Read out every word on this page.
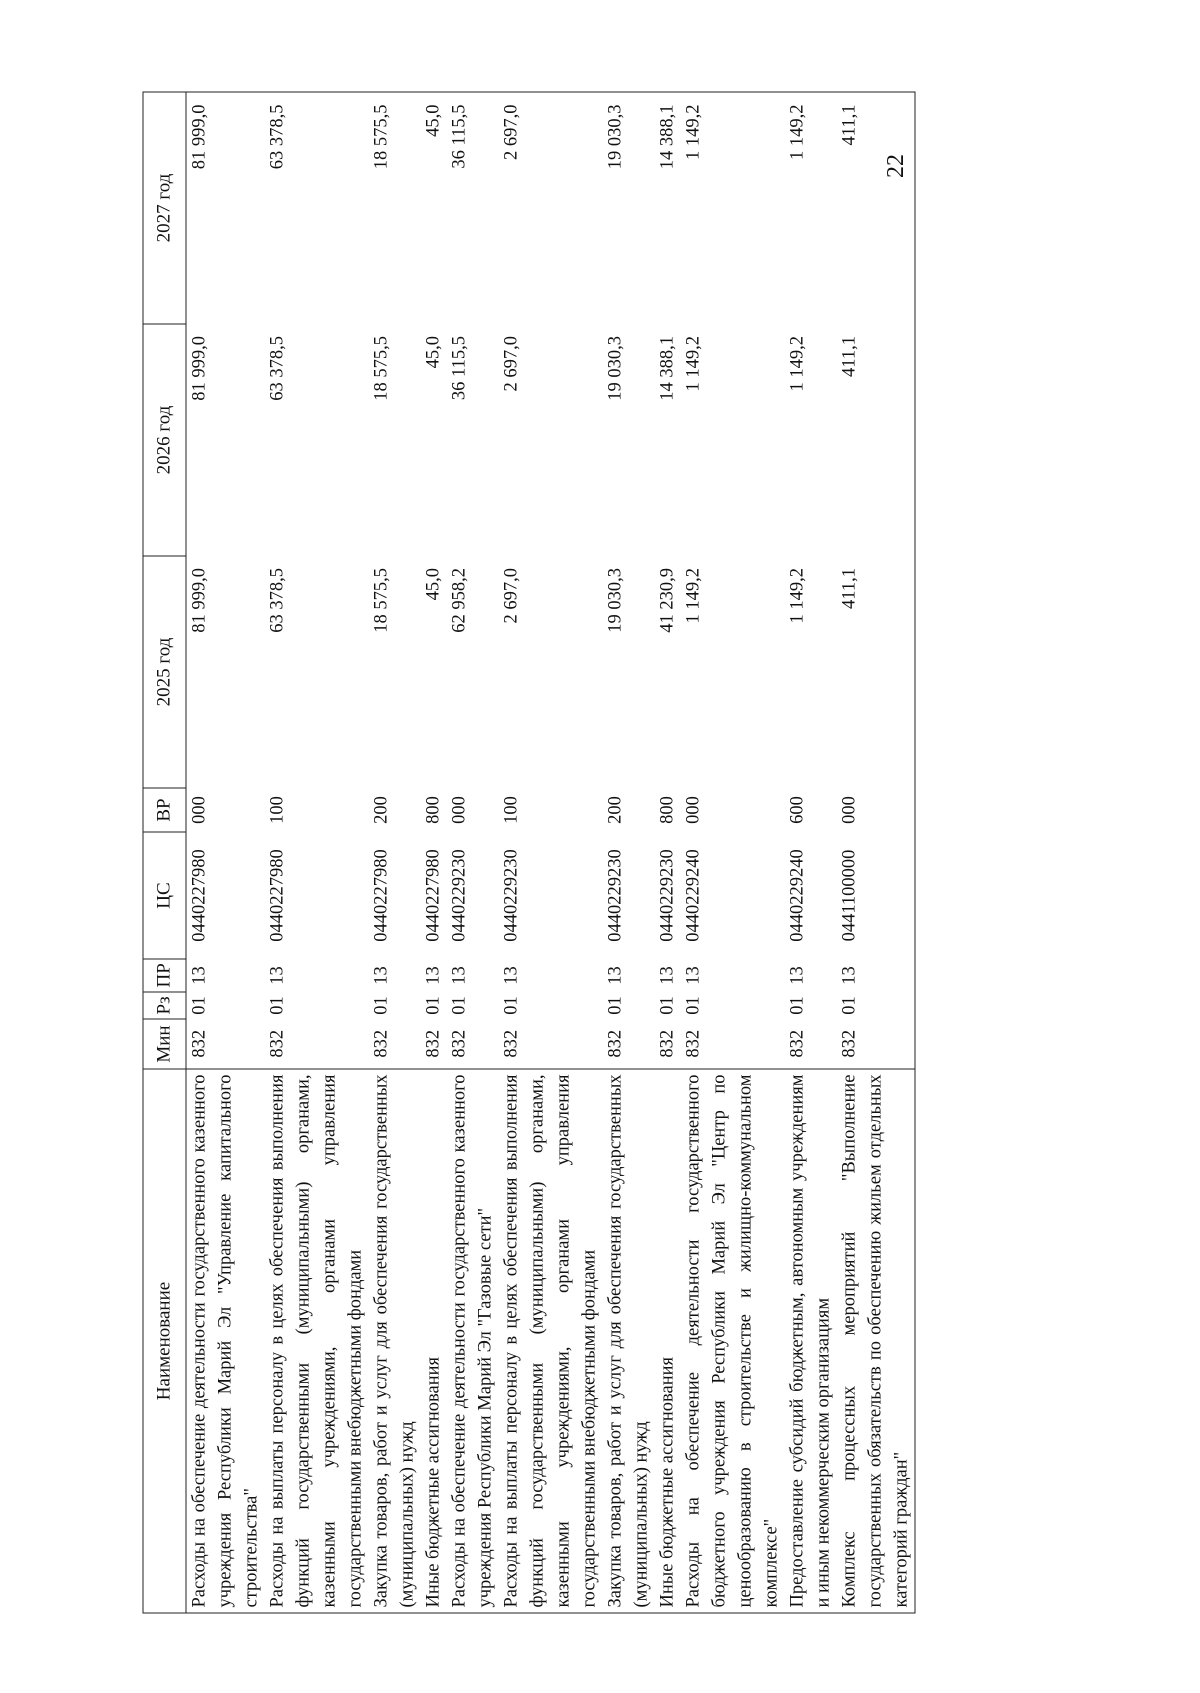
22
Наименование	Мин	Рз	ПР	ЦС	ВР	2025 год	2026 год	2027 год
Расходы на обеспечение деятельности государственного казенного учреждения Республики Марий Эл "Управление капитального строительства"	832	01	13	0440227980	000	81 999,0	81 999,0	81 999,0

Расходы на выплаты персоналу в целях обеспечения выполнения функций государственными (муниципальными) органами, казенными учреждениями, органами управления государственными внебюджетными фондами	832	01	13	0440227980	100	63 378,5	63 378,5	63 378,5

Закупка товаров, работ и услуг для обеспечения государственных (муниципальных) нужд	832	01	13	0440227980	200	18 575,5	18 575,5	18 575,5

Иные бюджетные ассигнования	832	01	13	0440227980	800	45,0	45,0	45,0

Расходы на обеспечение деятельности государственного казенного учреждения Республики Марий Эл "Газовые сети"	832	01	13	0440229230	000	62 958,2	36 115,5	36 115,5

Расходы на выплаты персоналу в целях обеспечения выполнения функций государственными (муниципальными) органами, казенными учреждениями, органами управления государственными внебюджетными фондами	832	01	13	0440229230	100	2 697,0	2 697,0	2 697,0

Закупка товаров, работ и услуг для обеспечения государственных (муниципальных) нужд	832	01	13	0440229230	200	19 030,3	19 030,3	19 030,3

Иные бюджетные ассигнования	832	01	13	0440229230	800	41 230,9	14 388,1	14 388,1

Расходы на обеспечение деятельности государственного бюджетного учреждения Республики Марий Эл "Центр по ценообразованию в строительстве и жилищно-коммунальном комплексе"	832	01	13	0440229240	000	1 149,2	1 149,2	1 149,2

Предоставление субсидий бюджетным, автономным учреждениям и иным некоммерческим организациям	832	01	13	0440229240	600	1 149,2	1 149,2	1 149,2

Комплекс процессных мероприятий "Выполнение государственных обязательств по обеспечению жильем отдельных категорий граждан"	832	01	13	0441100000	000	411,1	411,1	411,1
